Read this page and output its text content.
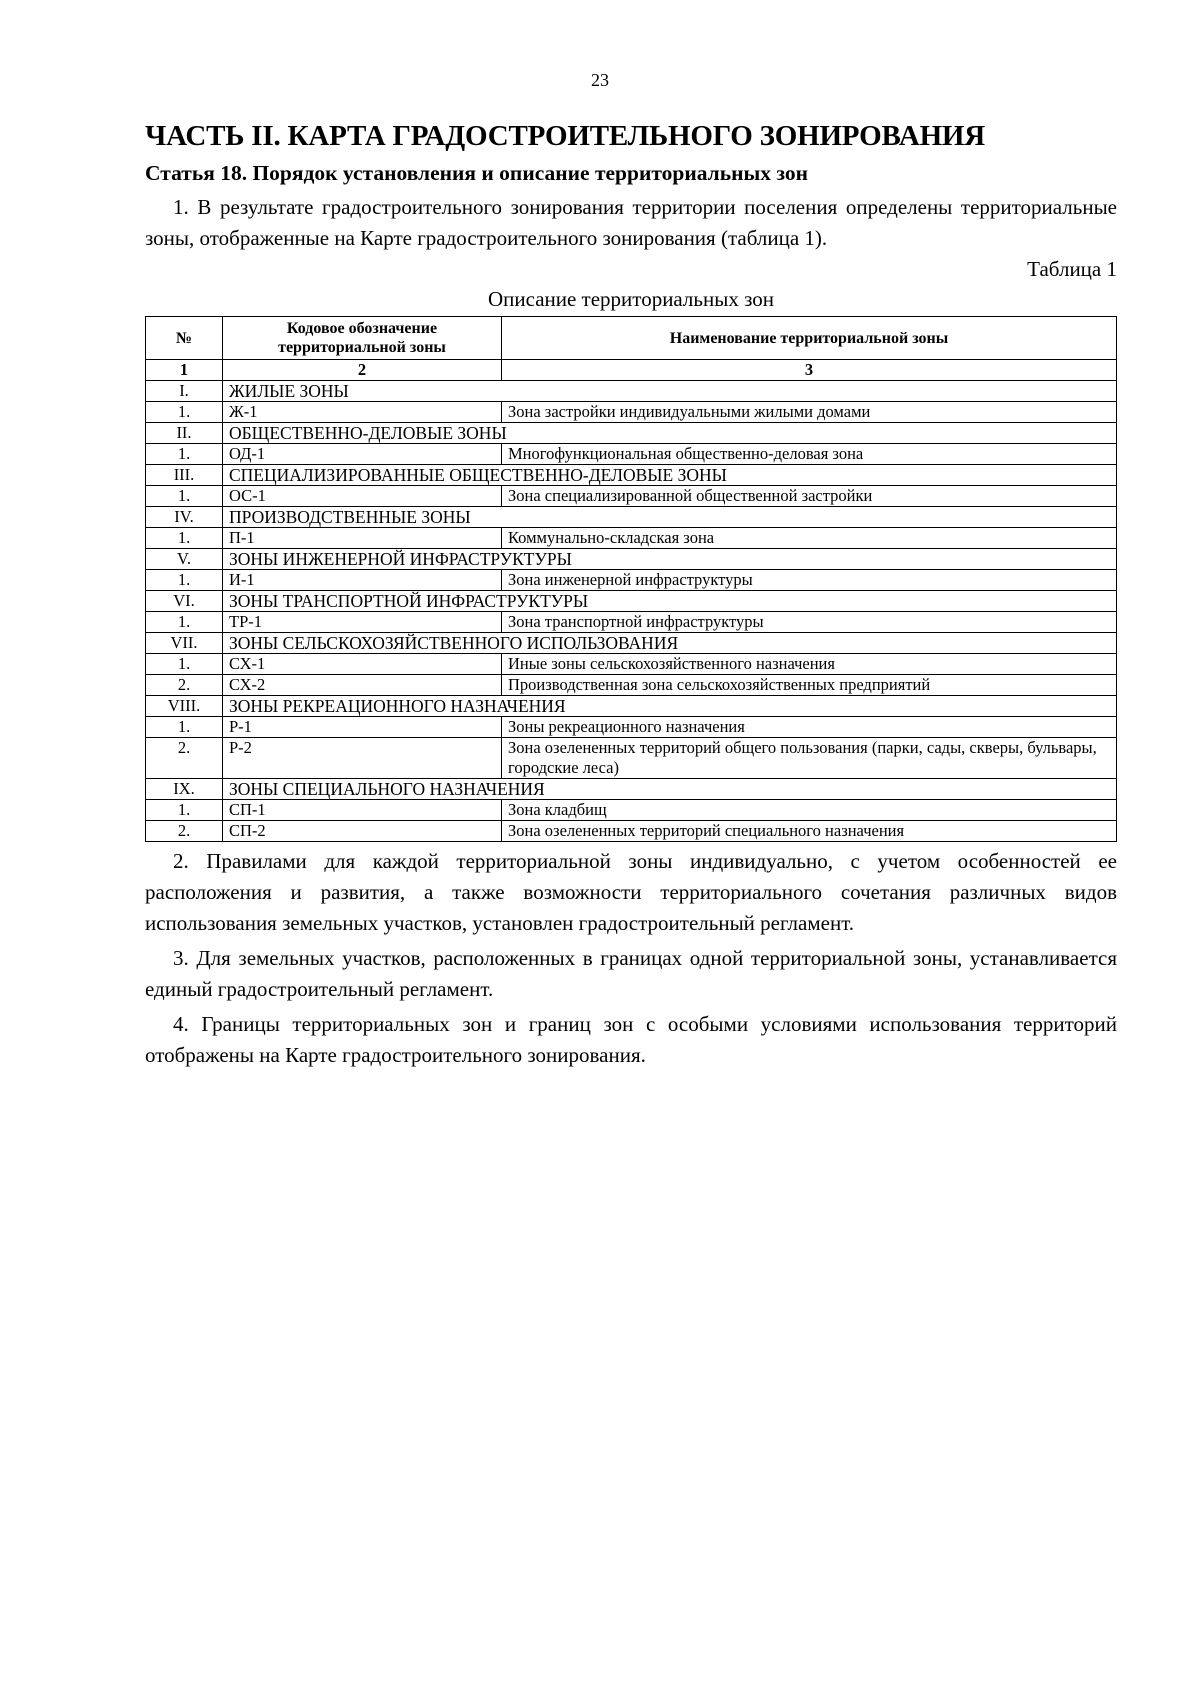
23
ЧАСТЬ II. КАРТА ГРАДОСТРОИТЕЛЬНОГО ЗОНИРОВАНИЯ
Статья 18. Порядок установления и описание территориальных зон

1. В результате градостроительного зонирования территории поселения определены территориальные зоны, отображенные на Карте градостроительного зонирования (таблица 1).

Таблица 1

Описание территориальных зон

№	Кодовое обозначение территориальной зоны	Наименование территориальной зоны
1	2	3
I.	ЖИЛЫЕ ЗОНЫ	
1.	Ж-1	Зона застройки индивидуальными жилыми домами
II.	ОБЩЕСТВЕННО-ДЕЛОВЫЕ ЗОНЫ	
1.	ОД-1	Многофункциональная общественно-деловая зона
III.	СПЕЦИАЛИЗИРОВАННЫЕ ОБЩЕСТВЕННО-ДЕЛОВЫЕ ЗОНЫ	
1.	ОС-1	Зона специализированной общественной застройки
IV.	ПРОИЗВОДСТВЕННЫЕ ЗОНЫ	
1.	П-1	Коммунально-складская зона
V.	ЗОНЫ ИНЖЕНЕРНОЙ ИНФРАСТРУКТУРЫ	
1.	И-1	Зона инженерной инфраструктуры
VI.	ЗОНЫ ТРАНСПОРТНОЙ ИНФРАСТРУКТУРЫ	
1.	ТР-1	Зона транспортной инфраструктуры
VII.	ЗОНЫ СЕЛЬСКОХОЗЯЙСТВЕННОГО ИСПОЛЬЗОВАНИЯ	
1.	СХ-1	Иные зоны сельскохозяйственного назначения
2.	СХ-2	Производственная зона сельскохозяйственных предприятий
VIII.	ЗОНЫ РЕКРЕАЦИОННОГО НАЗНАЧЕНИЯ	
1.	Р-1	Зоны рекреационного назначения
2.	Р-2	Зона озелененных территорий общего пользования (парки, сады, скверы, бульвары, городские леса)
IX.	ЗОНЫ СПЕЦИАЛЬНОГО НАЗНАЧЕНИЯ	
1.	СП-1	Зона кладбищ
2.	СП-2	Зона озелененных территорий специального назначения

2. Правилами для каждой территориальной зоны индивидуально, с учетом особенностей ее расположения и развития, а также возможности территориального сочетания различных видов использования земельных участков, установлен градостроительный регламент.

3. Для земельных участков, расположенных в границах одной территориальной зоны, устанавливается единый градостроительный регламент.

4. Границы территориальных зон и границ зон с особыми условиями использования территорий отображены на Карте градостроительного зонирования.
